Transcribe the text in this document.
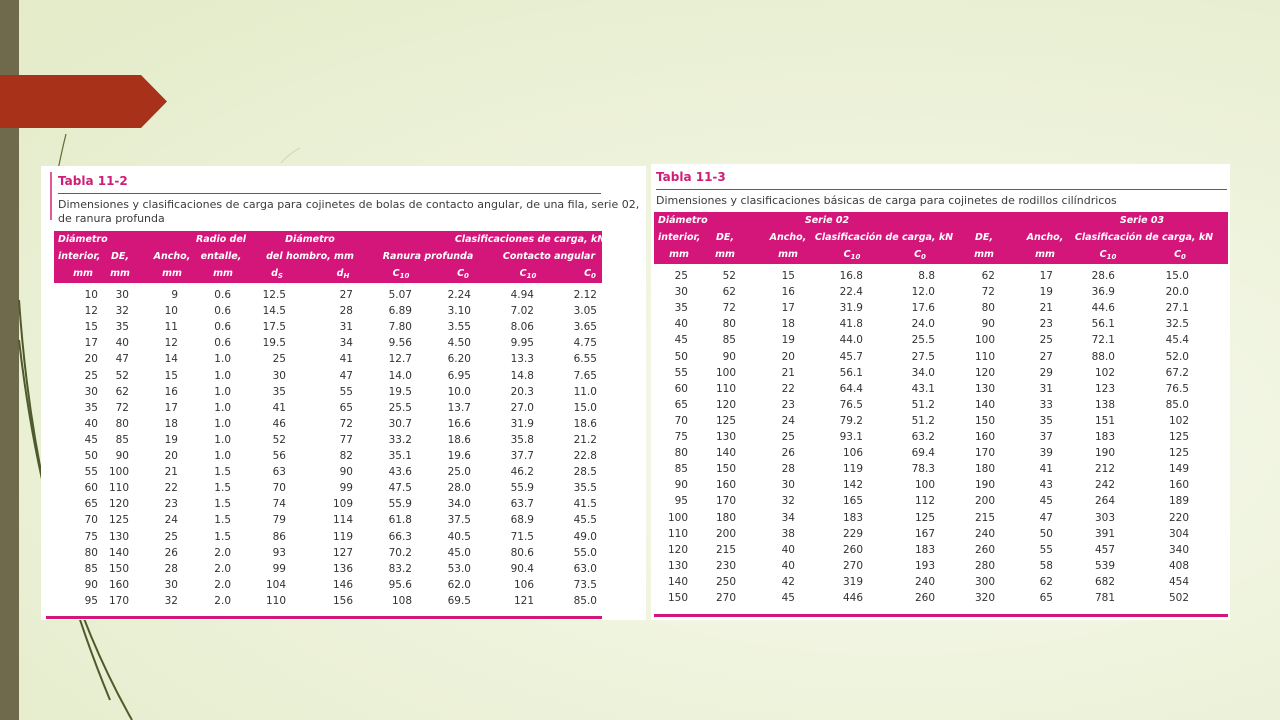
Tabla 11-2
Dimensiones y clasificaciones de carga para cojinetes de bolas de contacto angular, de una fila, serie 02,
de ranura profunda
Diámetro	Radio del	Diámetro	Clasificaciones de carga, kN
interior, DE,	Ancho, entalle,	del hombro, mm	Ranura profunda	Contacto angular
mm mm	mm	mm	$d_S$	$d_H$	$C_{10}$	$C_0$	$C_{10}$	$C_0$
10 30	9	0.6	12.5	27	5.07	2.24	4.94	2.12
12 32	10	0.6	14.5	28	6.89	3.10	7.02	3.05
15 35	11	0.6	17.5	31	7.80	3.55	8.06	3.65
17 40	12	0.6	19.5	34	9.56	4.50	9.95	4.75
20 47	14	1.0	25	41	12.7	6.20	13.3	6.55
25 52	15	1.0	30	47	14.0	6.95	14.8	7.65
30 62	16	1.0	35	55	19.5	10.0	20.3	11.0
35 72	17	1.0	41	65	25.5	13.7	27.0	15.0
40 80	18	1.0	46	72	30.7	16.6	31.9	18.6
45 85	19	1.0	52	77	33.2	18.6	35.8	21.2
50 90	20	1.0	56	82	35.1	19.6	37.7	22.8
55 100	21	1.5	63	90	43.6	25.0	46.2	28.5
60 110	22	1.5	70	99	47.5	28.0	55.9	35.5
65 120	23	1.5	74	109	55.9	34.0	63.7	41.5
70 125	24	1.5	79	114	61.8	37.5	68.9	45.5
75 130	25	1.5	86	119	66.3	40.5	71.5	49.0
80 140	26	2.0	93	127	70.2	45.0	80.6	55.0
85 150	28	2.0	99	136	83.2	53.0	90.4	63.0
90 160	30	2.0	104	146	95.6	62.0	106	73.5
95 170	32	2.0	110	156	108	69.5	121	85.0
Tabla 11-3
Dimensiones y clasificaciones básicas de carga para cojinetes de rodillos cilíndricos
Diámetro	Serie 02	Serie 03
interior, DE,	Ancho, Clasificación de carga, kN DE,	Ancho, Clasificación de carga, kN
mm	mm	mm	$C_{10}$	$C_0$	mm	mm	$C_{10}$	$C_0$
25	52	15	16.8	8.8	62	17	28.6	15.0
30	62	16	22.4	12.0	72	19	36.9	20.0
35	72	17	31.9	17.6	80	21	44.6	27.1
40	80	18	41.8	24.0	90	23	56.1	32.5
45	85	19	44.0	25.5	100	25	72.1	45.4
50	90	20	45.7	27.5	110	27	88.0	52.0
55	100	21	56.1	34.0	120	29	102	67.2
60	110	22	64.4	43.1	130	31	123	76.5
65	120	23	76.5	51.2	140	33	138	85.0
70	125	24	79.2	51.2	150	35	151	102
75	130	25	93.1	63.2	160	37	183	125
80	140	26	106	69.4	170	39	190	125
85	150	28	119	78.3	180	41	212	149
90	160	30	142	100	190	43	242	160
95	170	32	165	112	200	45	264	189
100	180	34	183	125	215	47	303	220
110	200	38	229	167	240	50	391	304
120	215	40	260	183	260	55	457	340
130	230	40	270	193	280	58	539	408
140	250	42	319	240	300	62	682	454
150	270	45	446	260	320	65	781	502
